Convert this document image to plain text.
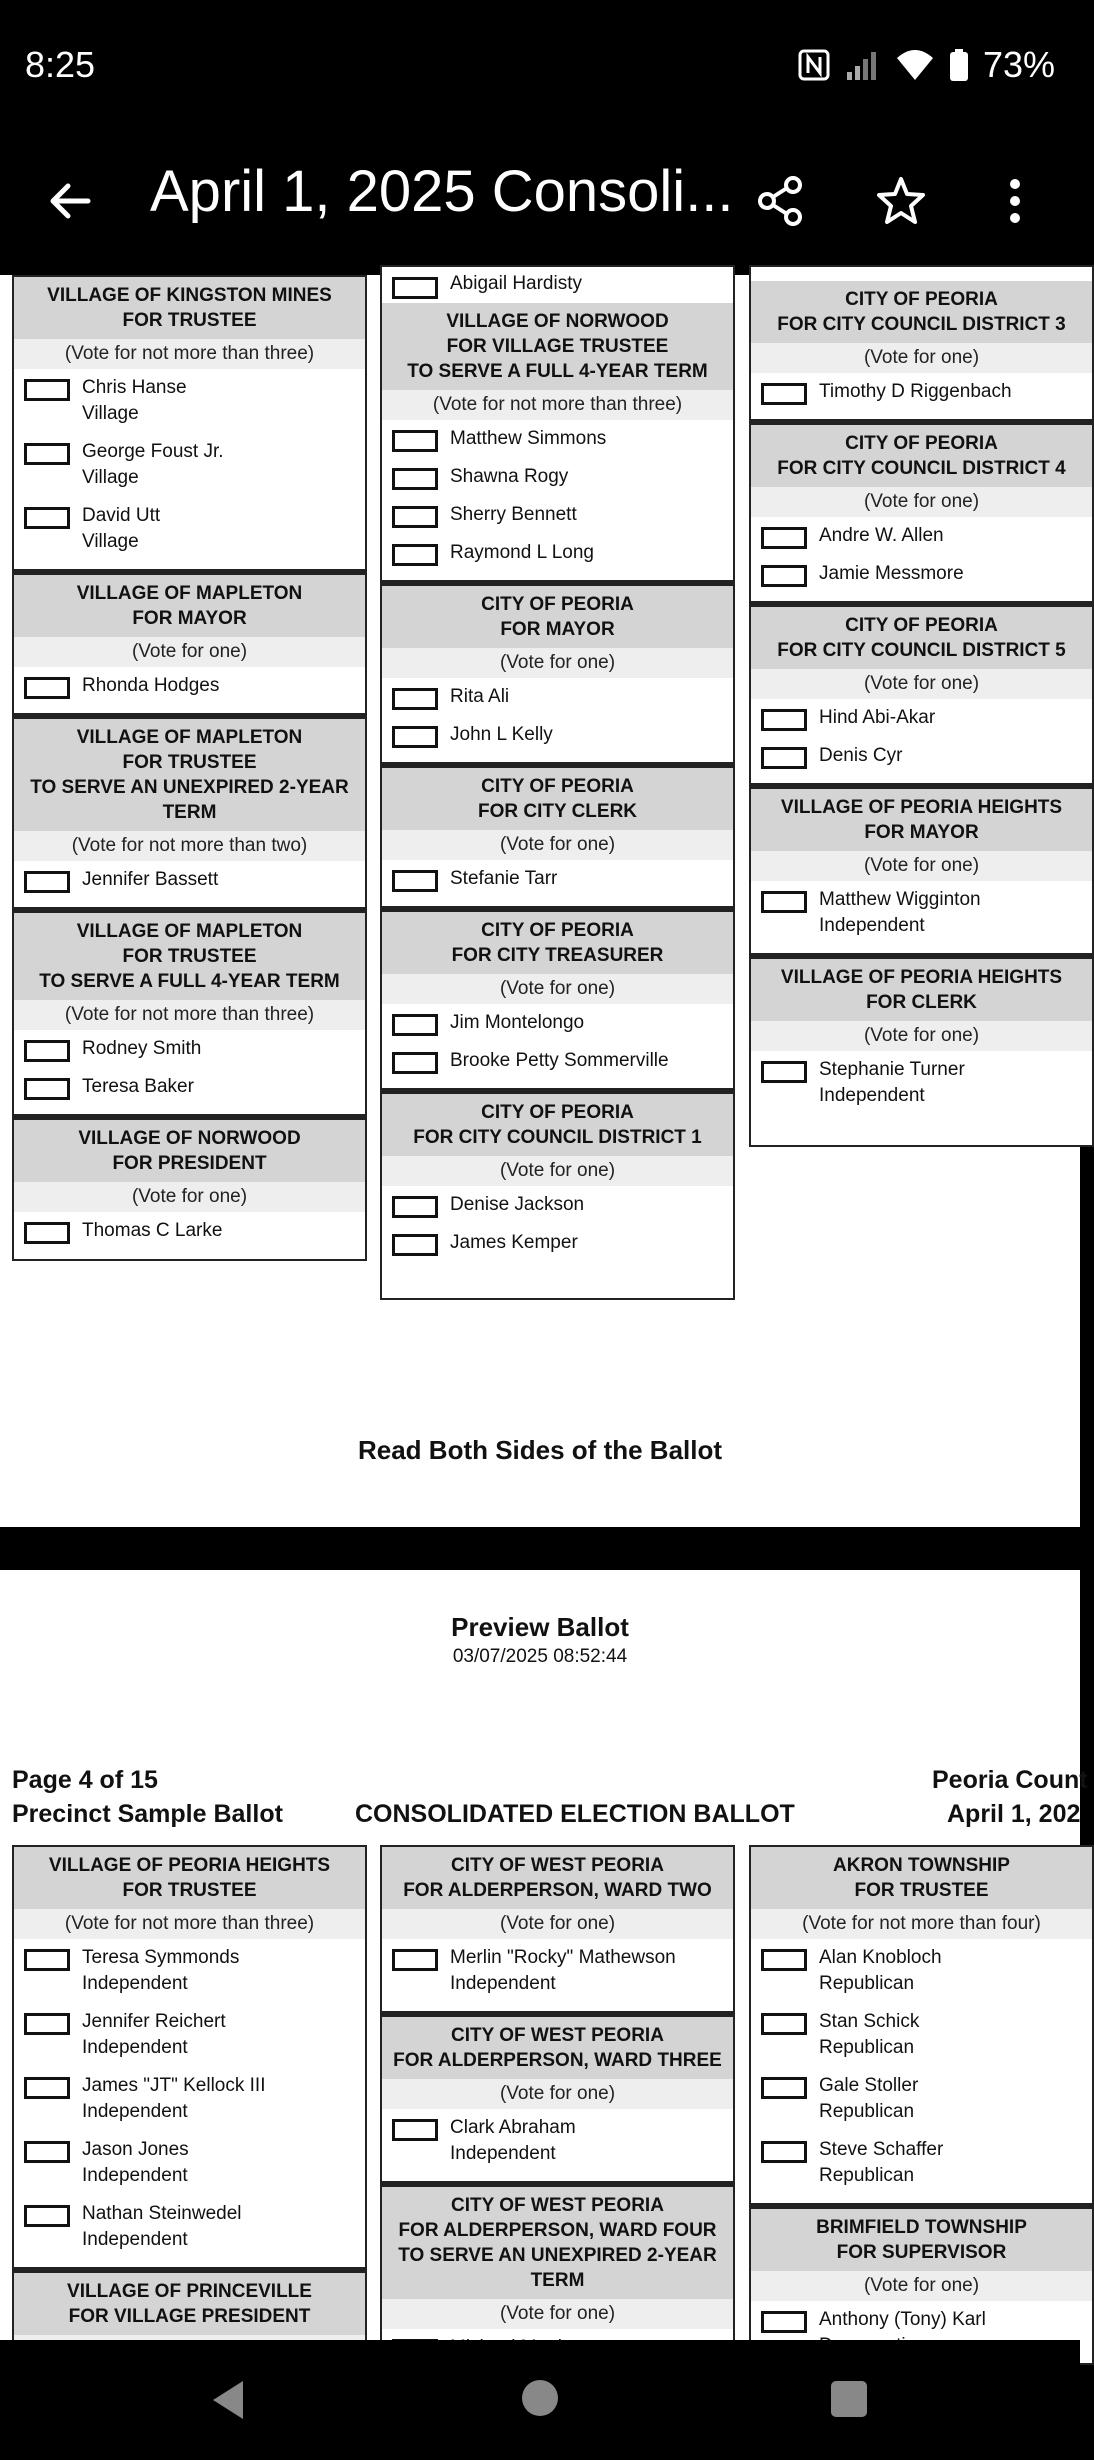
8:25	73%
April 1, 2025 Consoli...
VILLAGE OF KINGSTON MINES
FOR TRUSTEE
(Vote for not more than three)
Chris Hanse
Village
George Foust Jr.
Village
David Utt
Village
VILLAGE OF MAPLETON
FOR MAYOR
(Vote for one)
Rhonda Hodges
VILLAGE OF MAPLETON
FOR TRUSTEE
TO SERVE AN UNEXPIRED 2-YEAR
TERM
(Vote for not more than two)
Jennifer Bassett
VILLAGE OF MAPLETON
FOR TRUSTEE
TO SERVE A FULL 4-YEAR TERM
(Vote for not more than three)
Rodney Smith
Teresa Baker
VILLAGE OF NORWOOD
FOR PRESIDENT
(Vote for one)
Thomas C Larke
Abigail Hardisty
VILLAGE OF NORWOOD
FOR VILLAGE TRUSTEE
TO SERVE A FULL 4-YEAR TERM
(Vote for not more than three)
Matthew Simmons
Shawna Rogy
Sherry Bennett
Raymond L Long
CITY OF PEORIA
FOR MAYOR
(Vote for one)
Rita Ali
John L Kelly
CITY OF PEORIA
FOR CITY CLERK
(Vote for one)
Stefanie Tarr
CITY OF PEORIA
FOR CITY TREASURER
(Vote for one)
Jim Montelongo
Brooke Petty Sommerville
CITY OF PEORIA
FOR CITY COUNCIL DISTRICT 1
(Vote for one)
Denise Jackson
James Kemper
CITY OF PEORIA
FOR CITY COUNCIL DISTRICT 3
(Vote for one)
Timothy D Riggenbach
CITY OF PEORIA
FOR CITY COUNCIL DISTRICT 4
(Vote for one)
Andre W. Allen
Jamie Messmore
CITY OF PEORIA
FOR CITY COUNCIL DISTRICT 5
(Vote for one)
Hind Abi-Akar
Denis Cyr
VILLAGE OF PEORIA HEIGHTS
FOR MAYOR
(Vote for one)
Matthew Wigginton
Independent
VILLAGE OF PEORIA HEIGHTS
FOR CLERK
(Vote for one)
Stephanie Turner
Independent
Read Both Sides of the Ballot
Preview Ballot
03/07/2025 08:52:44
Page 4 of 15
Precinct Sample Ballot	CONSOLIDATED ELECTION BALLOT
Peoria Count
April 1, 202
VILLAGE OF PEORIA HEIGHTS
FOR TRUSTEE
(Vote for not more than three)
Teresa Symmonds
Independent
Jennifer Reichert
Independent
James "JT" Kellock III
Independent
Jason Jones
Independent
Nathan Steinwedel
Independent
VILLAGE OF PRINCEVILLE
FOR VILLAGE PRESIDENT
CITY OF WEST PEORIA
FOR ALDERPERSON, WARD TWO
(Vote for one)
Merlin "Rocky" Mathewson
Independent
CITY OF WEST PEORIA
FOR ALDERPERSON, WARD THREE
(Vote for one)
Clark Abraham
Independent
CITY OF WEST PEORIA
FOR ALDERPERSON, WARD FOUR
TO SERVE AN UNEXPIRED 2-YEAR
TERM
(Vote for one)
AKRON TOWNSHIP
FOR TRUSTEE
(Vote for not more than four)
Alan Knobloch
Republican
Stan Schick
Republican
Gale Stoller
Republican
Steve Schaffer
Republican
BRIMFIELD TOWNSHIP
FOR SUPERVISOR
(Vote for one)
Anthony (Tony) Karl
